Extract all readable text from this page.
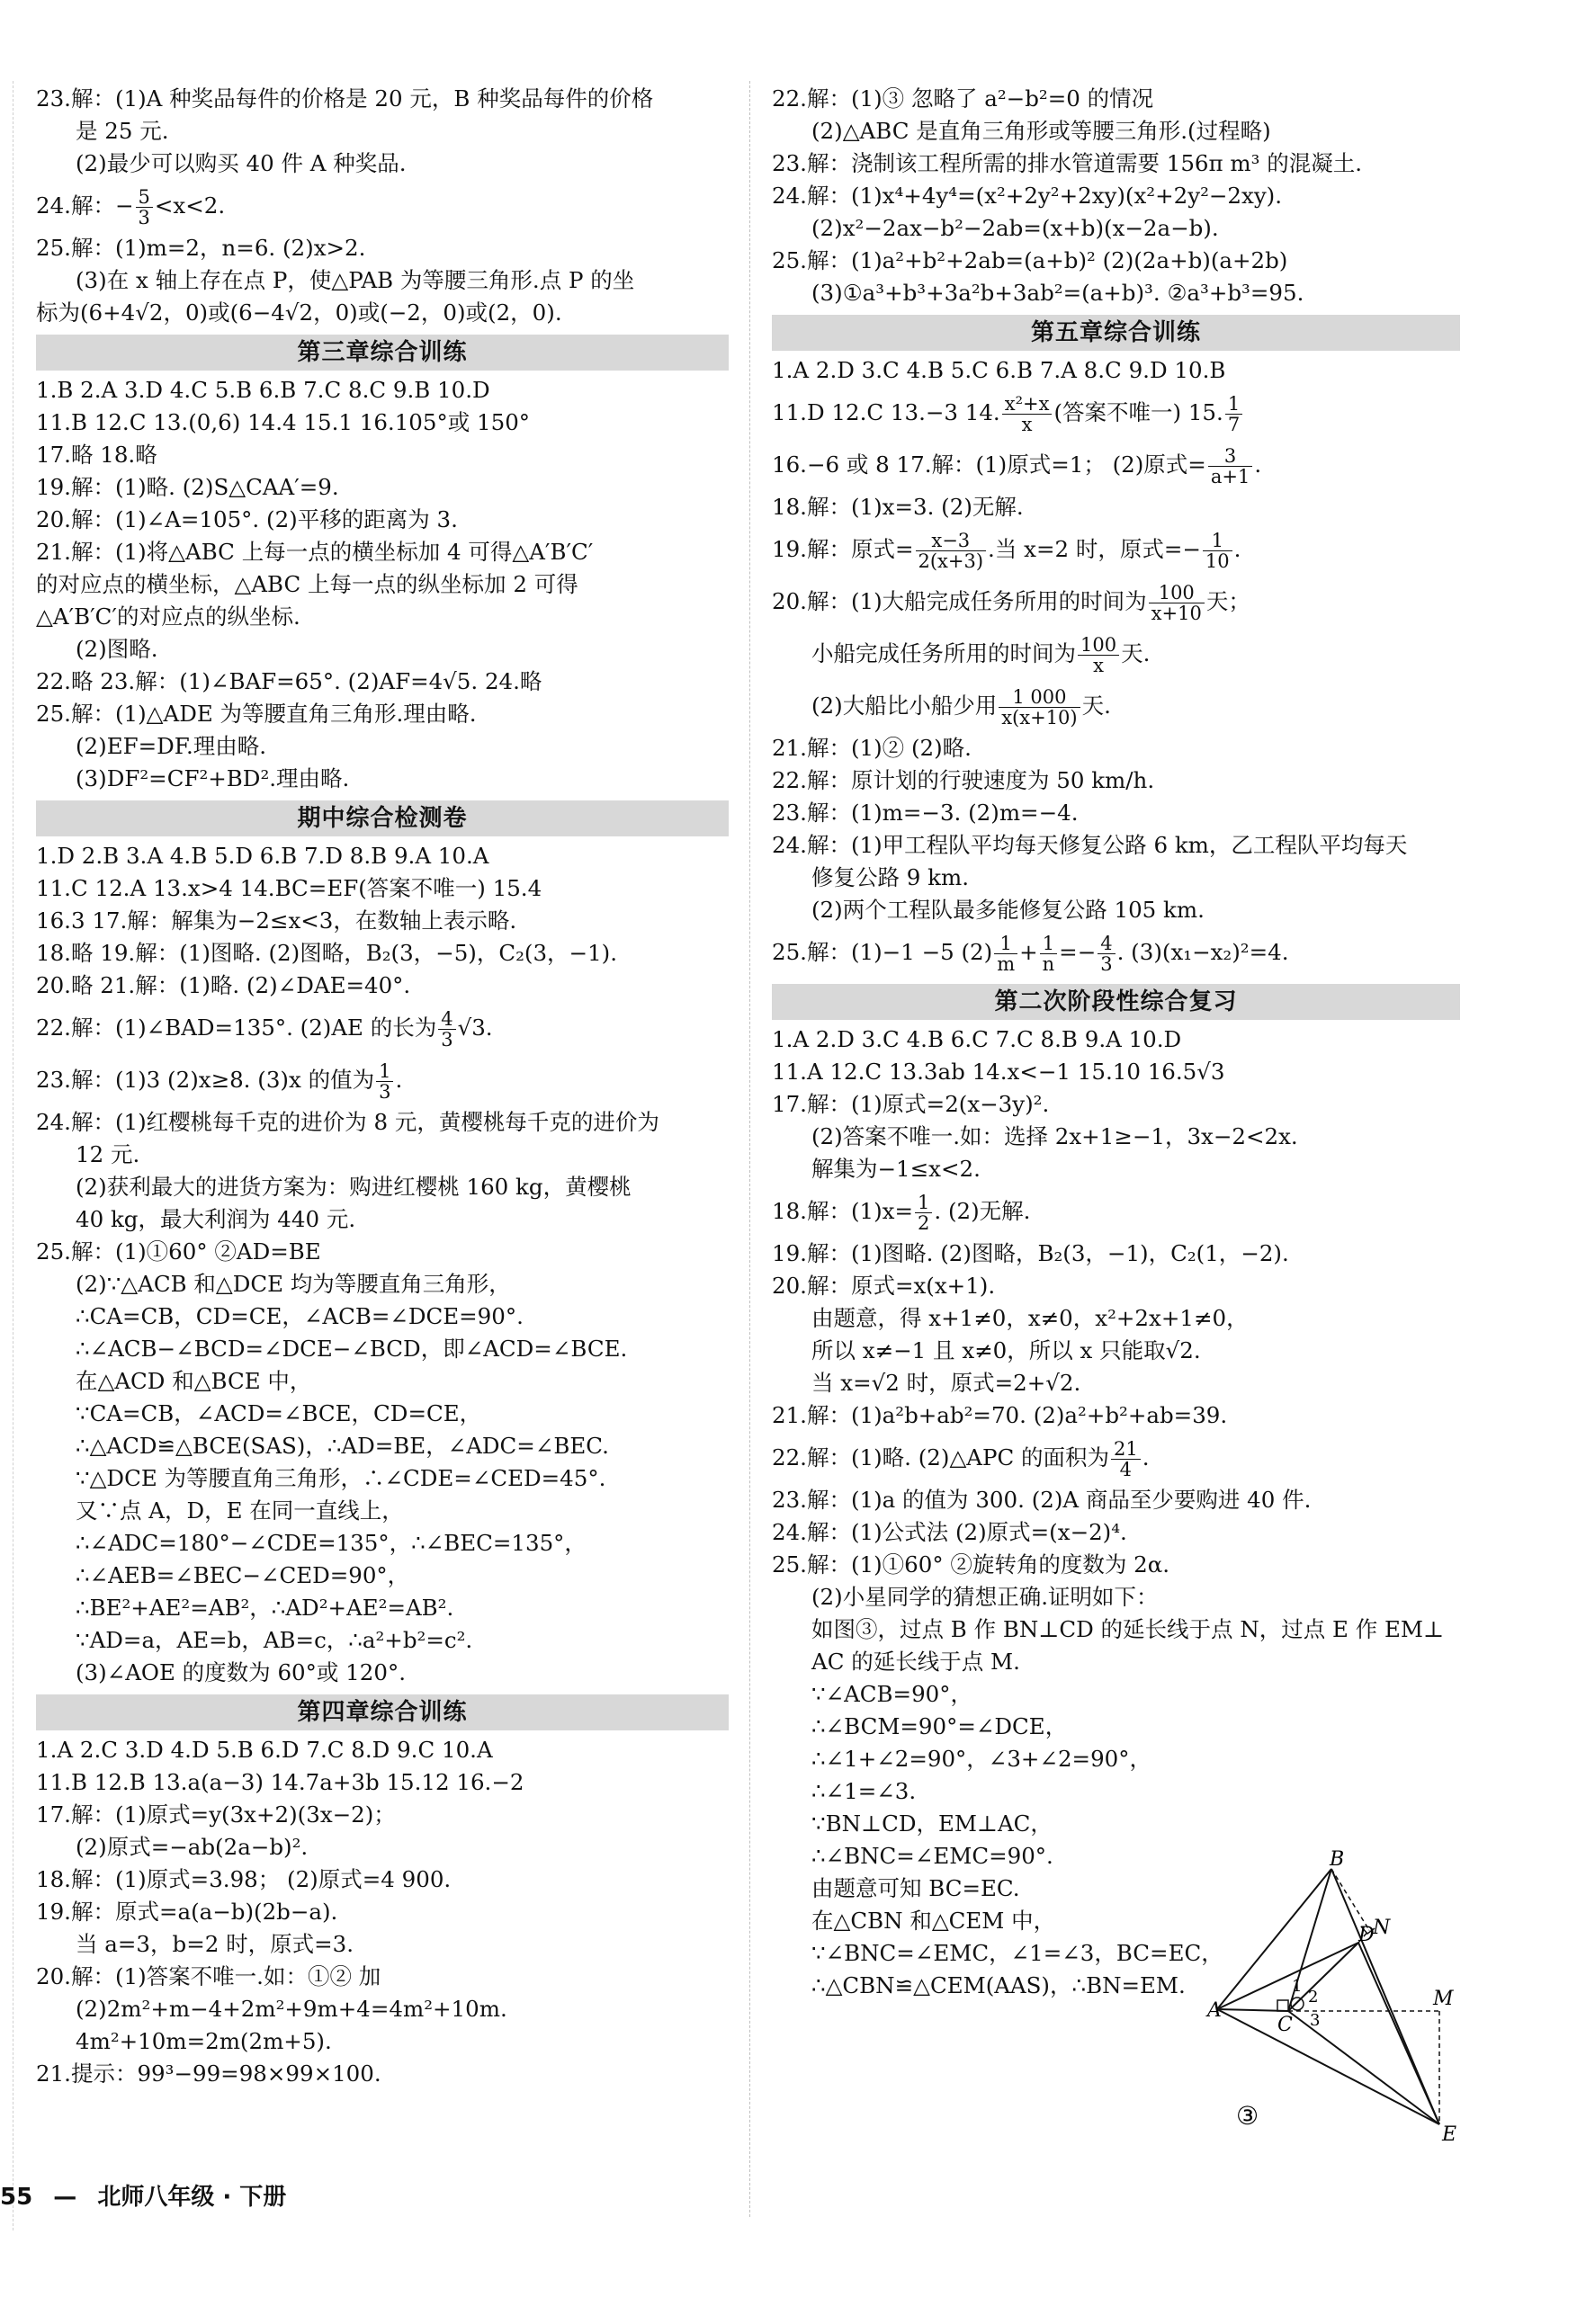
23.解：(1)A 种奖品每件的价格是 20 元，B 种奖品每件的价格
是 25 元.
(2)最少可以购买 40 件 A 种奖品.
24.解：− $\frac{5}{3} <x<2$.
25.解：(1)m=2，n=6. (2)x>2.
(3)在 x 轴上存在点 P，使△PAB 为等腰三角形.点 P 的坐
标为(6+4√2，0)或(6−4√2，0)或(−2，0)或(2，0).
第三章综合训练
1.B 2.A 3.D 4.C 5.B 6.B 7.C 8.C 9.B 10.D
11.B 12.C 13.(0,6) 14.4 15.1 16.105°或 150°
17.略 18.略
19.解：(1)略. (2)S△CAA′=9.
20.解：(1)∠A=105°. (2)平移的距离为 3.
21.解：(1)将△ABC 上每一点的横坐标加 4 可得△A′B′C′
的对应点的横坐标，△ABC 上每一点的纵坐标加 2 可得
△A′B′C′的对应点的纵坐标.
(2)图略.
22.略 23.解：(1)∠BAF=65°. (2)AF=4√5. 24.略
25.解：(1)△ADE 为等腰直角三角形.理由略.
(2)EF=DF.理由略.
(3)DF²=CF²+BD².理由略.
期中综合检测卷
1.D 2.B 3.A 4.B 5.D 6.B 7.D 8.B 9.A 10.A
11.C 12.A 13.x>4 14.BC=EF(答案不唯一) 15.4
16.3 17.解：解集为−2≤x<3，在数轴上表示略.
18.略 19.解：(1)图略. (2)图略，B₂(3，−5)，C₂(3，−1).
20.略 21.解：(1)略. (2)∠DAE=40°.
22.解：(1)∠BAD=135°. (2)AE 的长为 $\frac{4}{3} √3$.
23.解：(1)3 (2)x≥8. (3)x 的值为 $\frac{1}{3}$ .
24.解：(1)红樱桃每千克的进价为 8 元，黄樱桃每千克的进价为
12 元.
(2)获利最大的进货方案为：购进红樱桃 160 kg，黄樱桃
40 kg，最大利润为 440 元.
25.解：(1)①60° ②AD=BE
(2)∵△ACB 和△DCE 均为等腰直角三角形，
∴CA=CB，CD=CE，∠ACB=∠DCE=90°.
∴∠ACB−∠BCD=∠DCE−∠BCD，即∠ACD=∠BCE.
在△ACD 和△BCE 中，
∵CA=CB，∠ACD=∠BCE，CD=CE，
∴△ACD≌△BCE(SAS)，∴AD=BE，∠ADC=∠BEC.
∵△DCE 为等腰直角三角形，∴∠CDE=∠CED=45°.
又∵点 A，D，E 在同一直线上，
∴∠ADC=180°−∠CDE=135°，∴∠BEC=135°，
∴∠AEB=∠BEC−∠CED=90°，
∴BE²+AE²=AB²，∴AD²+AE²=AB².
∵AD=a，AE=b，AB=c，∴a²+b²=c².
(3)∠AOE 的度数为 60°或 120°.
第四章综合训练
1.A 2.C 3.D 4.D 5.B 6.D 7.C 8.D 9.C 10.A
11.B 12.B 13.a(a−3) 14.7a+3b 15.12 16.−2
17.解：(1)原式=y(3x+2)(3x−2)；
(2)原式=−ab(2a−b)².
18.解：(1)原式=3.98； (2)原式=4 900.
19.解：原式=a(a−b)(2b−a).
当 a=3，b=2 时，原式=3.
20.解：(1)答案不唯一.如：①② 加
(2)2m²+m−4+2m²+9m+4=4m²+10m.
4m²+10m=2m(2m+5).
21.提示：99³−99=98×99×100.
22.解：(1)③ 忽略了 a²−b²=0 的情况
(2)△ABC 是直角三角形或等腰三角形.(过程略)
23.解：浇制该工程所需的排水管道需要 156π m³ 的混凝土.
24.解：(1)x⁴+4y⁴=(x²+2y²+2xy)(x²+2y²−2xy).
(2)x²−2ax−b²−2ab=(x+b)(x−2a−b).
25.解：(1)a²+b²+2ab=(a+b)² (2)(2a+b)(a+2b)
(3)①a³+b³+3a²b+3ab²=(a+b)³. ②a³+b³=95.
第五章综合训练
1.A 2.D 3.C 4.B 5.C 6.B 7.A 8.C 9.D 10.B
11.D 12.C 13.−3 14. $\frac{\text{x²+x}}{x}$ (答案不唯一) 15. $\frac{1}{7}$
16.−6 或 8 17.解：(1)原式=1； (2)原式= $\frac{3}{a+1}$ .
18.解：(1)x=3. (2)无解.
19.解：原式= $\frac{x-3}{2(x+3)}$ .当 x=2 时，原式=− $\frac{1}{10}$ .
20.解：(1)大船完成任务所用的时间为 $\frac{100}{x+10}$ 天；
小船完成任务所用的时间为 $\frac{100}{x}$ 天.
(2)大船比小船少用 $\frac{1 000}{x(x+10)}$ 天.
21.解：(1)② (2)略.
22.解：原计划的行驶速度为 50 km/h.
23.解：(1)m=−3. (2)m=−4.
24.解：(1)甲工程队平均每天修复公路 6 km，乙工程队平均每天
修复公路 9 km.
(2)两个工程队最多能修复公路 105 km.
25.解：(1)−1 −5 $(2) \frac{1}{m} + \frac{1}{n} =- \frac{4}{3}$ . (3)(x₁−x₂)²=4.
第二次阶段性综合复习
1.A 2.D 3.C 4.B 6.C 7.C 8.B 9.A 10.D
11.A 12.C 13.3ab 14.x<−1 15.10 16.5√3
17.解：(1)原式=2(x−3y)².
(2)答案不唯一.如：选择 2x+1≥−1，3x−2<2x.
解集为−1≤x<2.
18.解：$(1)x= \frac{1}{2}$ . (2)无解.
19.解：(1)图略. (2)图略，B₂(3，−1)，C₂(1，−2).
20.解：原式=x(x+1).
由题意，得 x+1≠0，x≠0，x²+2x+1≠0，
所以 x≠−1 且 x≠0，所以 x 只能取√2.
当 x=√2 时，原式=2+√2.
21.解：(1)a²b+ab²=70. (2)a²+b²+ab=39.
22.解：(1)略. (2)△APC 的面积为 $\frac{21}{4}$ .
23.解：(1)a 的值为 300. (2)A 商品至少要购进 40 件.
24.解：(1)公式法 (2)原式=(x−2)⁴.
25.解：(1)①60° ②旋转角的度数为 2α.
(2)小星同学的猜想正确.证明如下：
如图③，过点 B 作 BN⊥CD 的延长线于点 N，过点 E 作 EM⊥
AC 的延长线于点 M.
∵∠ACB=90°，
∴∠BCM=90°=∠DCE，
∴∠1+∠2=90°，∠3+∠2=90°，
∴∠1=∠3.
∵BN⊥CD，EM⊥AC，
∴∠BNC=∠EMC=90°.
由题意可知 BC=EC.
在△CBN 和△CEM 中，
∵∠BNC=∠EMC，∠1=∠3，BC=EC，
∴△CBN≌△CEM(AAS)，∴BN=EM.
B
N
D
M
A
C
E
1
2
3
③
55 — 北师八年级 · 下册
